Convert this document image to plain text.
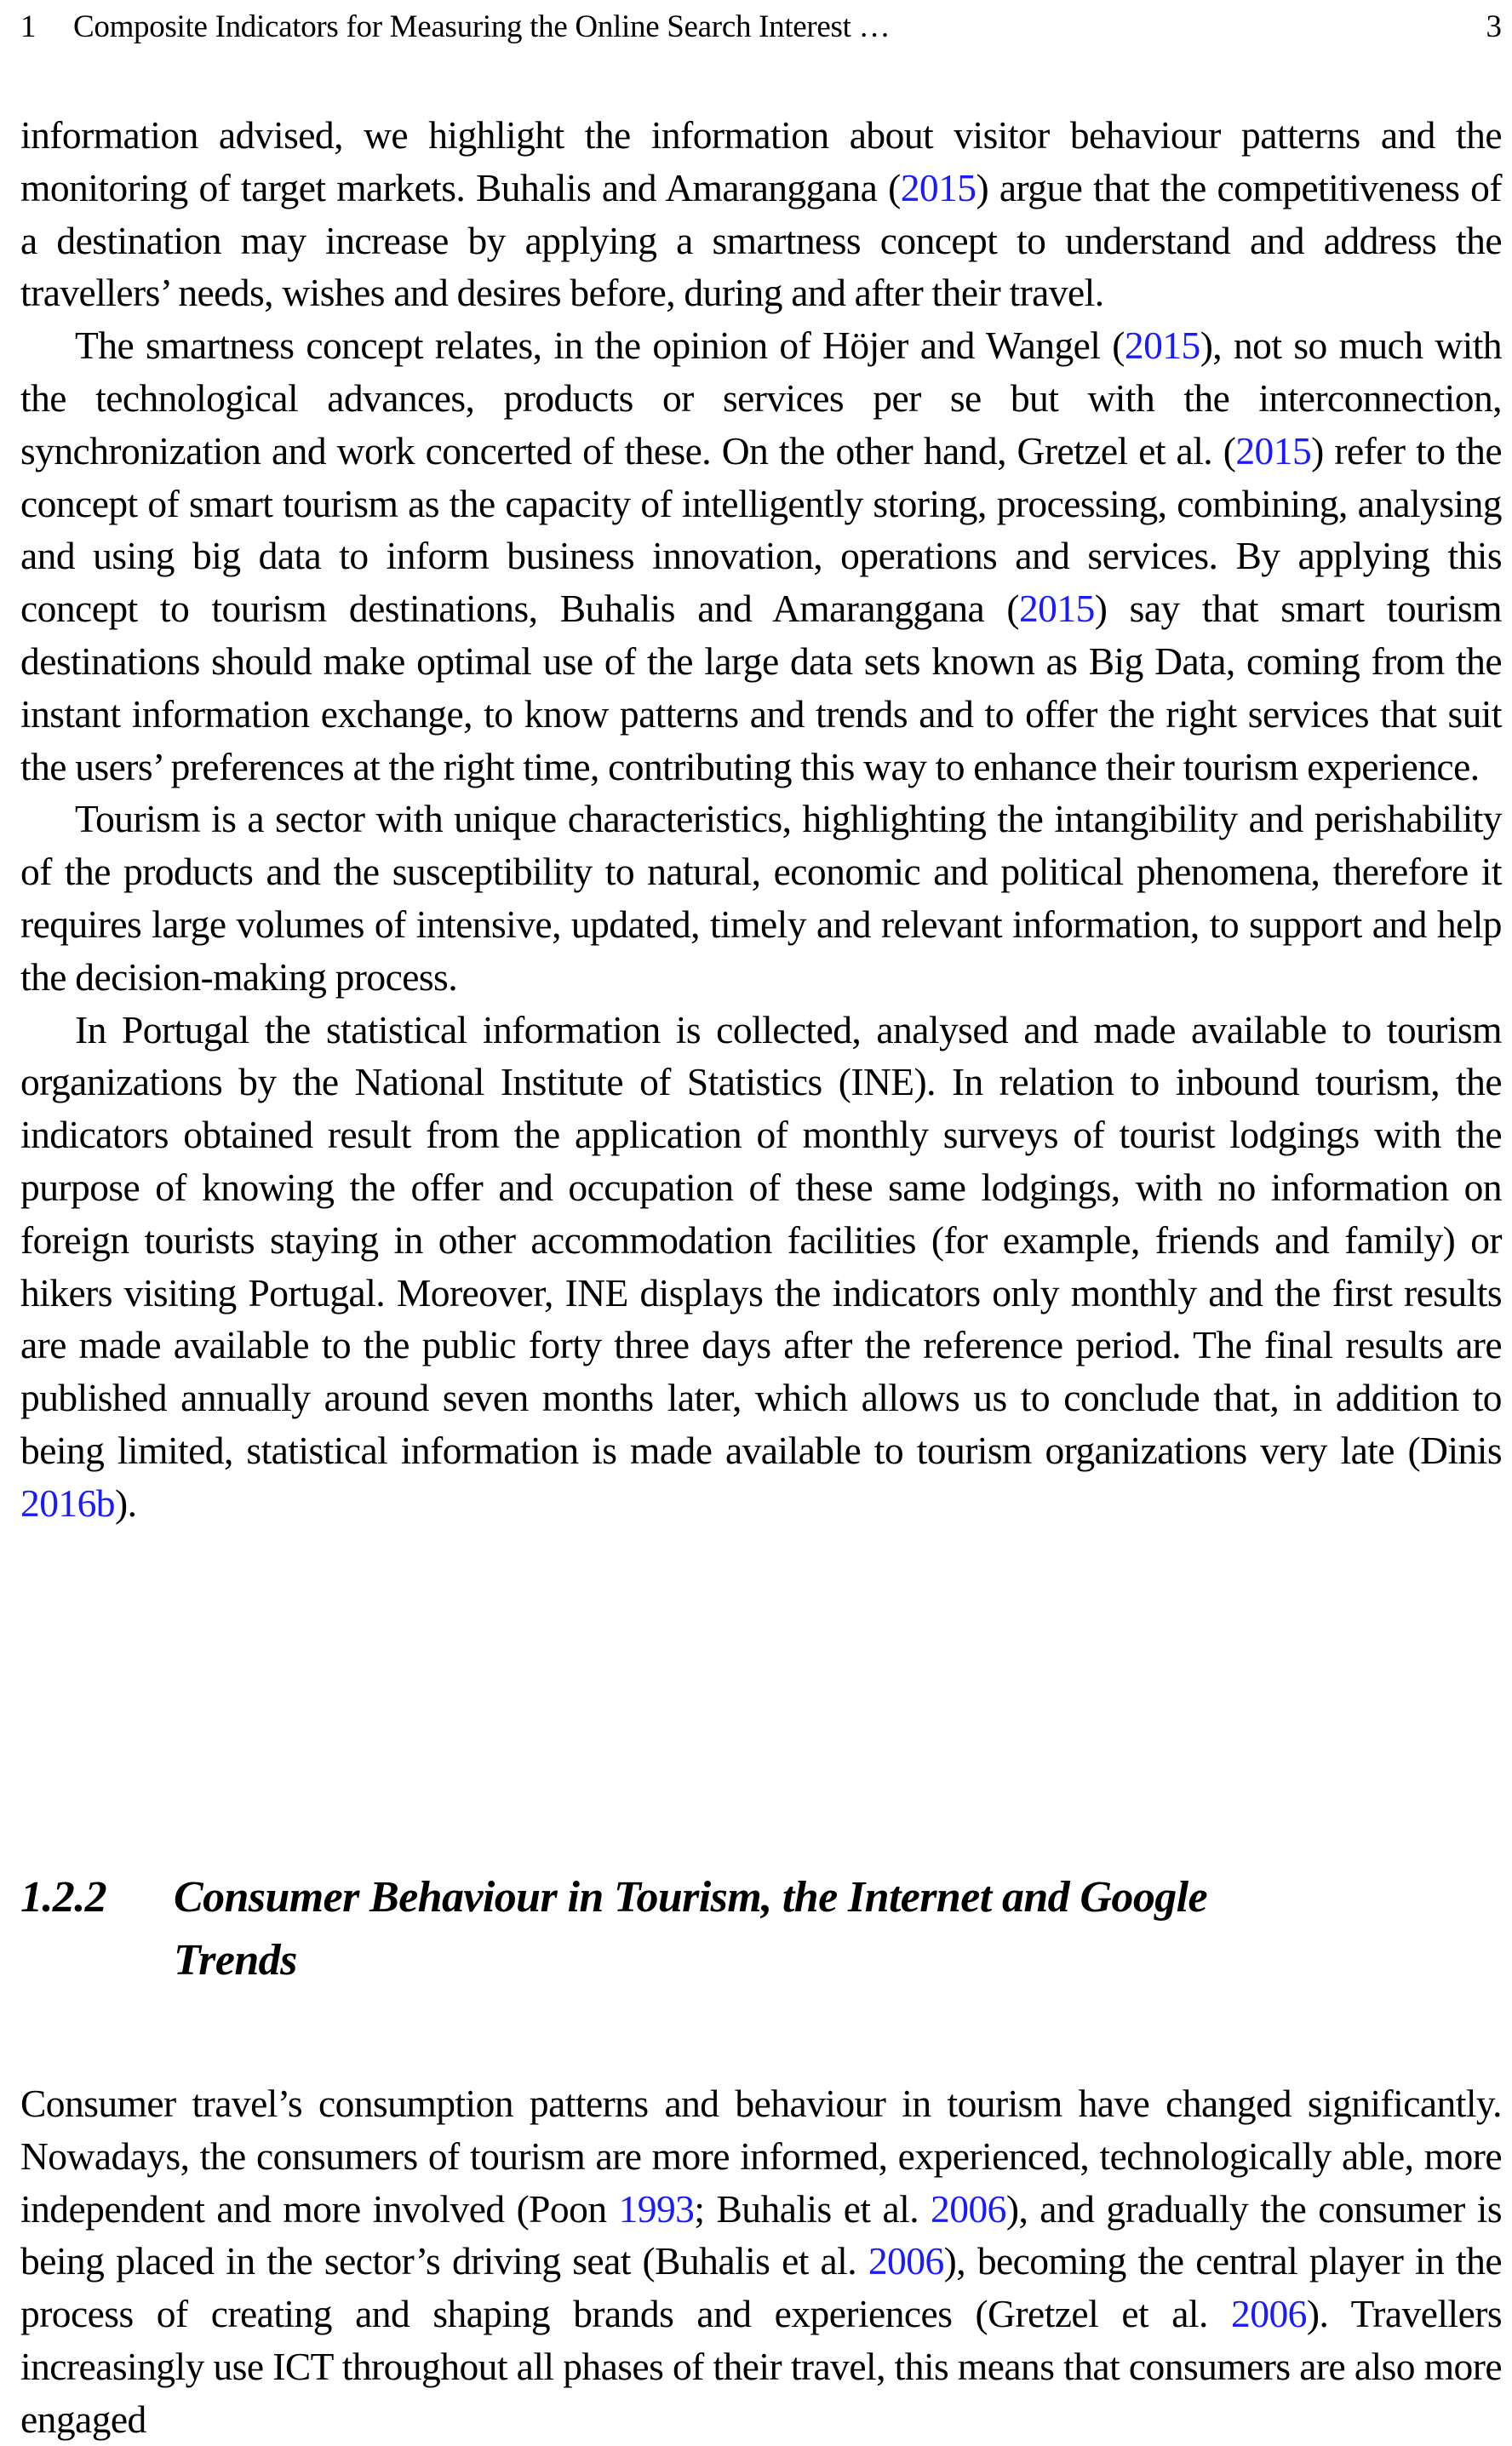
1 Composite Indicators for Measuring the Online Search Interest …	3

information advised, we highlight the information about visitor behaviour patterns and the monitoring of target markets. Buhalis and Amaranggana (2015) argue that the competitiveness of a destination may increase by applying a smartness concept to understand and address the travellers’ needs, wishes and desires before, during and after their travel.

The smartness concept relates, in the opinion of Höjer and Wangel (2015), not so much with the technological advances, products or services per se but with the interconnection, synchronization and work concerted of these. On the other hand, Gretzel et al. (2015) refer to the concept of smart tourism as the capacity of intelligently storing, processing, combining, analysing and using big data to inform business innovation, operations and services. By applying this concept to tourism destinations, Buhalis and Amaranggana (2015) say that smart tourism destinations should make optimal use of the large data sets known as Big Data, coming from the instant information exchange, to know patterns and trends and to offer the right services that suit the users’ preferences at the right time, contributing this way to enhance their tourism experience.

Tourism is a sector with unique characteristics, highlighting the intangibility and perishability of the products and the susceptibility to natural, economic and political phenomena, therefore it requires large volumes of intensive, updated, timely and relevant information, to support and help the decision-making process.

In Portugal the statistical information is collected, analysed and made available to tourism organizations by the National Institute of Statistics (INE). In relation to inbound tourism, the indicators obtained result from the application of monthly surveys of tourist lodgings with the purpose of knowing the offer and occupation of these same lodgings, with no information on foreign tourists staying in other accommodation facilities (for example, friends and family) or hikers visiting Portugal. Moreover, INE displays the indicators only monthly and the first results are made available to the public forty three days after the reference period. The final results are published annually around seven months later, which allows us to conclude that, in addition to being limited, statistical information is made available to tourism organizations very late (Dinis 2016b).

1.2.2 Consumer Behaviour in Tourism, the Internet and Google Trends

Consumer travel’s consumption patterns and behaviour in tourism have changed significantly. Nowadays, the consumers of tourism are more informed, experienced, technologically able, more independent and more involved (Poon 1993; Buhalis et al. 2006), and gradually the consumer is being placed in the sector’s driving seat (Buhalis et al. 2006), becoming the central player in the process of creating and shaping brands and experiences (Gretzel et al. 2006). Travellers increasingly use ICT throughout all phases of their travel, this means that consumers are also more engaged
